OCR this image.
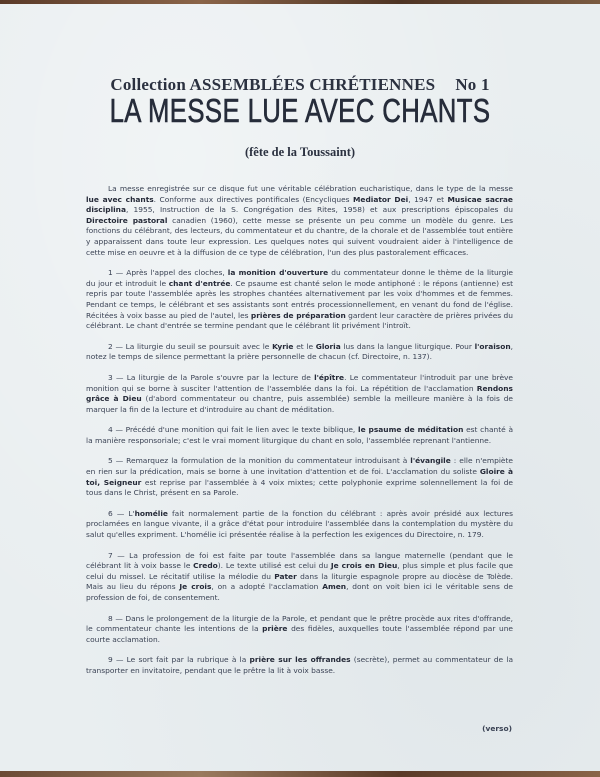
Collection ASSEMBLÉES CHRÉTIENNES No 1
LA MESSE LUE AVEC CHANTS
(fête de la Toussaint)

La messe enregistrée sur ce disque fut une véritable célébration eucharistique, dans le type de la messe lue avec chants. Conforme aux directives pontificales (Encycliques Mediator Dei, 1947 et Musicae sacrae disciplina, 1955, Instruction de la S. Congrégation des Rites, 1958) et aux prescriptions épiscopales du Directoire pastoral canadien (1960), cette messe se présente un peu comme un modèle du genre. Les fonctions du célébrant, des lecteurs, du commentateur et du chantre, de la chorale et de l'assemblée tout entière y apparaissent dans toute leur expression. Les quelques notes qui suivent voudraient aider à l'intelligence de cette mise en oeuvre et à la diffusion de ce type de célébration, l'un des plus pastoralement efficaces.

1 — Après l'appel des cloches, la monition d'ouverture du commentateur donne le thème de la liturgie du jour et introduit le chant d'entrée. Ce psaume est chanté selon le mode antiphoné : le répons (antienne) est repris par toute l'assemblée après les strophes chantées alternativement par les voix d'hommes et de femmes. Pendant ce temps, le célébrant et ses assistants sont entrés processionnellement, en venant du fond de l'église. Récitées à voix basse au pied de l'autel, les prières de préparation gardent leur caractère de prières privées du célébrant. Le chant d'entrée se termine pendant que le célébrant lit privément l'introït.

2 — La liturgie du seuil se poursuit avec le Kyrie et le Gloria lus dans la langue liturgique. Pour l'oraison, notez le temps de silence permettant la prière personnelle de chacun (cf. Directoire, n. 137).

3 — La liturgie de la Parole s'ouvre par la lecture de l'épître. Le commentateur l'introduit par une brève monition qui se borne à susciter l'attention de l'assemblée dans la foi. La répétition de l'acclamation Rendons grâce à Dieu (d'abord commentateur ou chantre, puis assemblée) semble la meilleure manière à la fois de marquer la fin de la lecture et d'introduire au chant de méditation.

4 — Précédé d'une monition qui fait le lien avec le texte biblique, le psaume de méditation est chanté à la manière responsoriale; c'est le vrai moment liturgique du chant en solo, l'assemblée reprenant l'antienne.

5 — Remarquez la formulation de la monition du commentateur introduisant à l'évangile : elle n'empiète en rien sur la prédication, mais se borne à une invitation d'attention et de foi. L'acclamation du soliste Gloire à toi, Seigneur est reprise par l'assemblée à 4 voix mixtes; cette polyphonie exprime solennellement la foi de tous dans le Christ, présent en sa Parole.

6 — L'homélie fait normalement partie de la fonction du célébrant : après avoir présidé aux lectures proclamées en langue vivante, il a grâce d'état pour introduire l'assemblée dans la contemplation du mystère du salut qu'elles expriment. L'homélie ici présentée réalise à la perfection les exigences du Directoire, n. 179.

7 — La profession de foi est faite par toute l'assemblée dans sa langue maternelle (pendant que le célébrant lit à voix basse le Credo). Le texte utilisé est celui du Je crois en Dieu, plus simple et plus facile que celui du missel. Le récitatif utilise la mélodie du Pater dans la liturgie espagnole propre au diocèse de Tolède. Mais au lieu du répons Je crois, on a adopté l'acclamation Amen, dont on voit bien ici le véritable sens de profession de foi, de consentement.

8 — Dans le prolongement de la liturgie de la Parole, et pendant que le prêtre procède aux rites d'offrande, le commentateur chante les intentions de la prière des fidèles, auxquelles toute l'assemblée répond par une courte acclamation.

9 — Le sort fait par la rubrique à la prière sur les offrandes (secrète), permet au commentateur de la transporter en invitatoire, pendant que le prêtre la lit à voix basse.

(verso)
